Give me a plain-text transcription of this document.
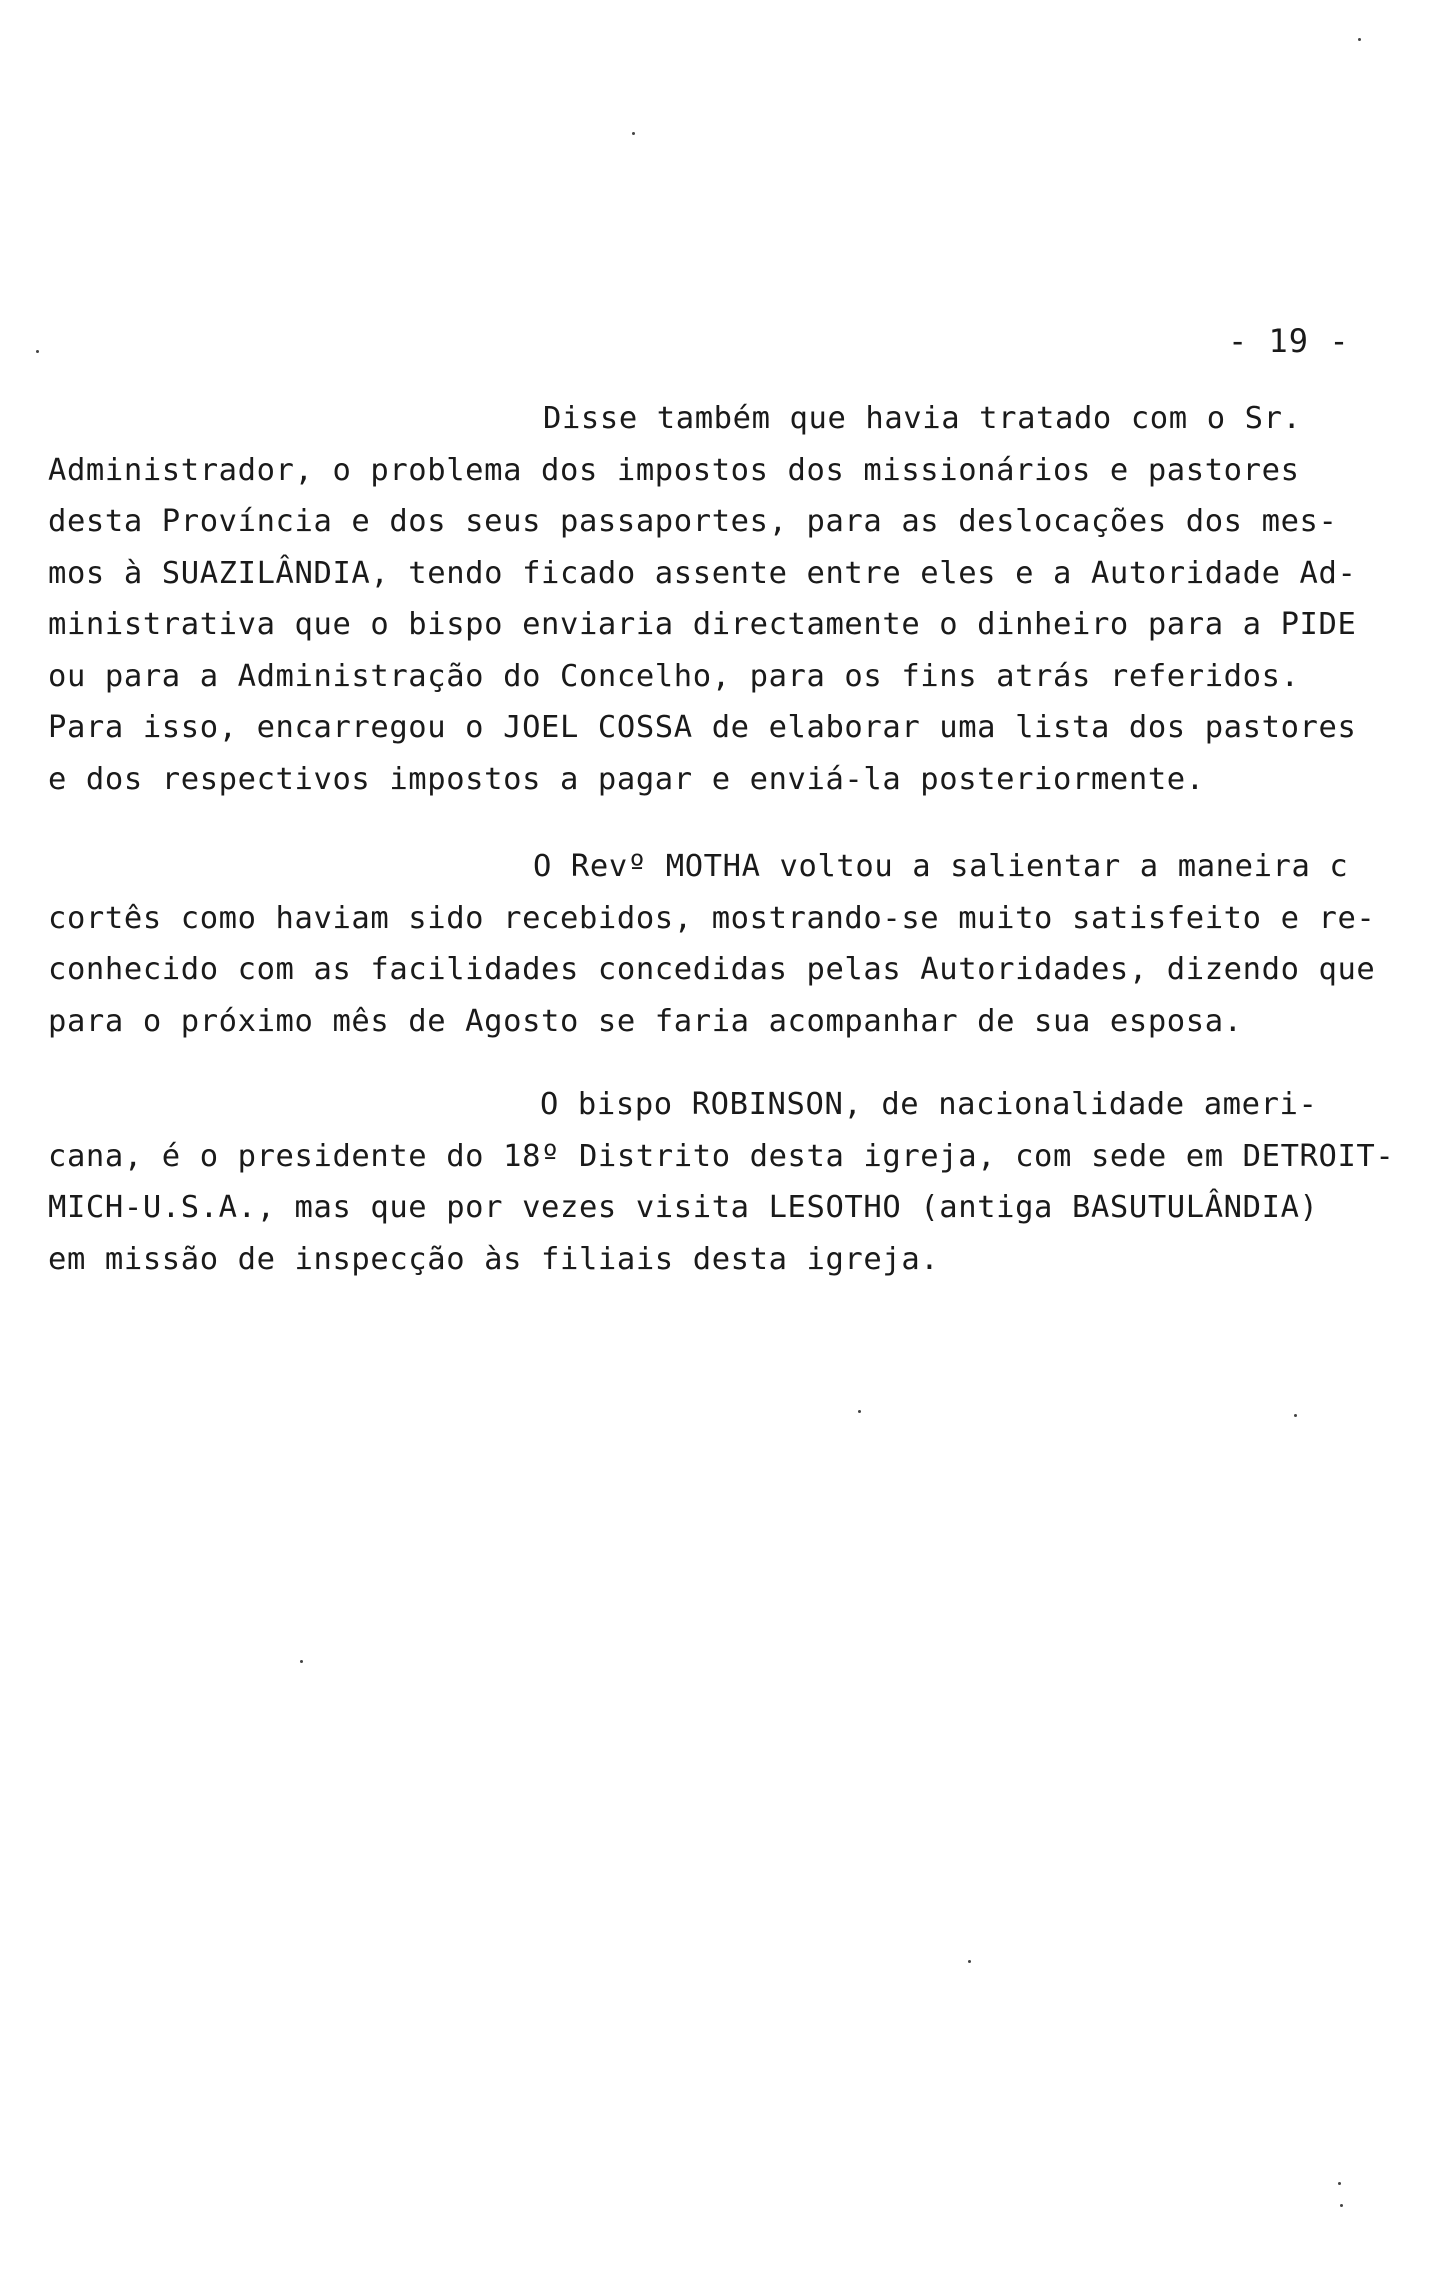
- 19 -
Disse também que havia tratado com o Sr.
Administrador, o problema dos impostos dos missionários e pastores
desta Província e dos seus passaportes, para as deslocações dos mes-
mos à SUAZILÂNDIA, tendo ficado assente entre eles e a Autoridade Ad-
ministrativa que o bispo enviaria directamente o dinheiro para a PIDE
ou para a Administração do Concelho, para os fins atrás referidos.
Para isso, encarregou o JOEL COSSA de elaborar uma lista dos pastores
e dos respectivos impostos a pagar e enviá-la posteriormente.
O Revº MOTHA voltou a salientar a maneira c
cortês como haviam sido recebidos, mostrando-se muito satisfeito e re-
conhecido com as facilidades concedidas pelas Autoridades, dizendo que
para o próximo mês de Agosto se faria acompanhar de sua esposa.
O bispo ROBINSON, de nacionalidade ameri-
cana, é o presidente do 18º Distrito desta igreja, com sede em DETROIT-
MICH-U.S.A., mas que por vezes visita LESOTHO (antiga BASUTULÂNDIA)
em missão de inspecção às filiais desta igreja.
